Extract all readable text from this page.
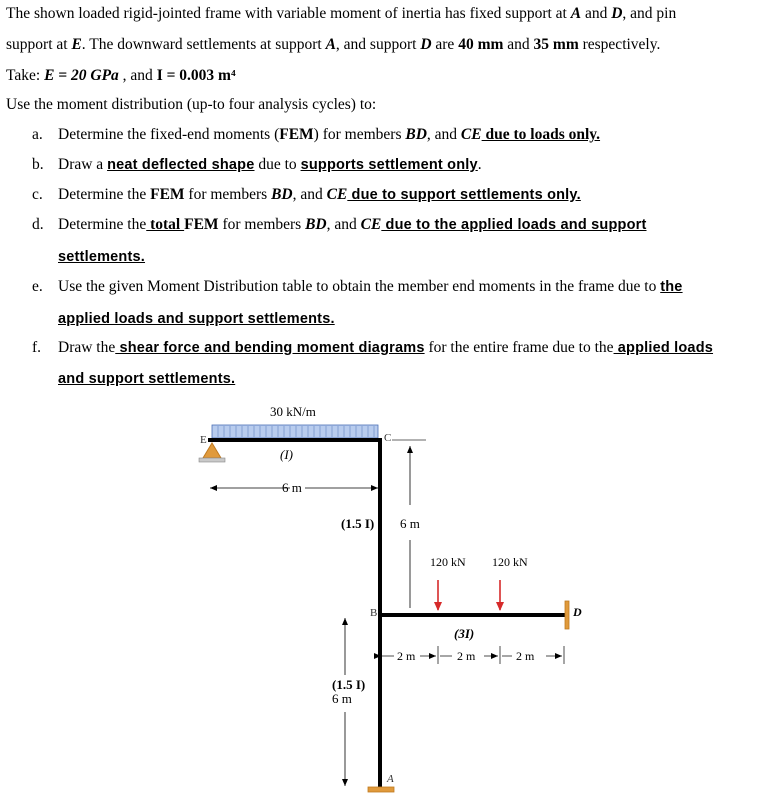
The shown loaded rigid-jointed frame with variable moment of inertia has fixed support at A and D, and pin
support at E. The downward settlements at support A, and support D are 40 mm and 35 mm respectively.
Take: E = 20 GPa , and I = 0.003 m⁴
Use the moment distribution (up-to four analysis cycles) to:
a. Determine the fixed-end moments (FEM) for members BD, and CE due to loads only.
b. Draw a neat deflected shape due to supports settlement only.
c. Determine the FEM for members BD, and CE due to support settlements only.
d. Determine the total FEM for members BD, and CE due to the applied loads and support
settlements.
e. Use the given Moment Distribution table to obtain the member end moments in the frame due to the
applied loads and support settlements.
f. Draw the shear force and bending moment diagrams for the entire frame due to the applied loads
and support settlements.
30 kN/m
(I)
E	C
6 m
(1.5 I) 6 m
B
(3I)
D
120 kN 120 kN
2 m	2 m	2 m
(1.5 I)
6 m
A
